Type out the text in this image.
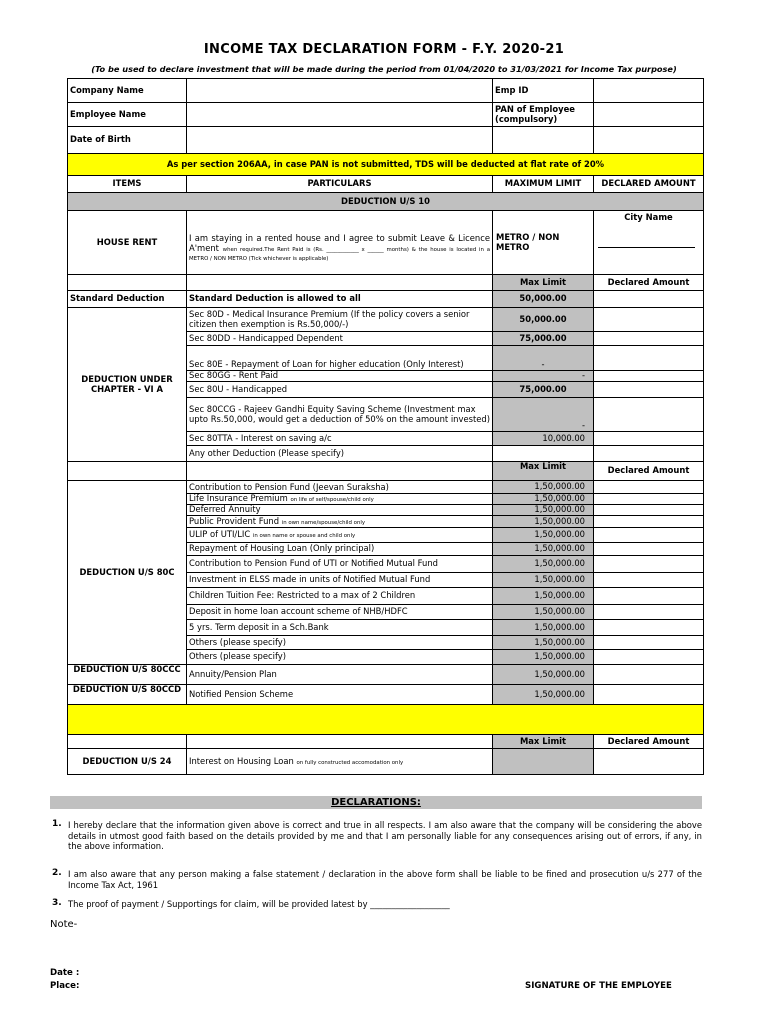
INCOME TAX DECLARATION FORM - F.Y. 2020-21
(To be used to declare investment that will be made during the period from 01/04/2020 to 31/03/2021 for Income Tax purpose)
Company Name		Emp ID	
Employee Name		PAN of Employee (compulsory)	
Date of Birth			
As per section 206AA, in case PAN is not submitted, TDS will be deducted at flat rate of 20%			
ITEMS	PARTICULARS	MAXIMUM LIMIT	DECLARED AMOUNT
DEDUCTION U/S 10			
HOUSE RENT	I am staying in a rented house and I agree to submit Leave & Licence A'ment when required.The Rent Paid is (Rs. ____________ x ______ months) & the house is located in a METRO / NON METRO (Tick whichever is applicable)	METRO / NON METRO	City Name

		Max Limit	Declared Amount
Standard Deduction	Standard Deduction is allowed to all	50,000.00	
DEDUCTION UNDER CHAPTER - VI A	Sec 80D - Medical Insurance Premium (If the policy covers a senior citizen then exemption is Rs.50,000/-)	50,000.00	
	Sec 80DD - Handicapped Dependent	75,000.00	
	Sec 80E - Repayment of Loan for higher education (Only Interest)	-	
	Sec 80GG - Rent Paid	-	
	Sec 80U - Handicapped	75,000.00	
	Sec 80CCG - Rajeev Gandhi Equity Saving Scheme (Investment max upto Rs.50,000, would get a deduction of 50% on the amount invested)	-	
	Sec 80TTA - Interest on saving a/c	10,000.00	
	Any other Deduction (Please specify)		
		Max Limit	Declared Amount
DEDUCTION U/S 80C	Contribution to Pension Fund (Jeevan Suraksha)	1,50,000.00	
	Life Insurance Premium on life of self/spouse/child only	1,50,000.00	
	Deferred Annuity	1,50,000.00	
	Public Provident Fund in own name/spouse/child only	1,50,000.00	
	ULIP of UTI/LIC in own name or spouse and child only	1,50,000.00	
	Repayment of Housing Loan (Only principal)	1,50,000.00	
	Contribution to Pension Fund of UTI or Notified Mutual Fund	1,50,000.00	
	Investment in ELSS made in units of Notified Mutual Fund	1,50,000.00	
	Children Tuition Fee: Restricted to a max of 2 Children	1,50,000.00	
	Deposit in home loan account scheme of NHB/HDFC	1,50,000.00	
	5 yrs. Term deposit in a Sch.Bank	1,50,000.00	
	Others (please specify)	1,50,000.00	
	Others (please specify)	1,50,000.00	
DEDUCTION U/S 80CCC	Annuity/Pension Plan	1,50,000.00	
DEDUCTION U/S 80CCD	Notified Pension Scheme	1,50,000.00	

		Max Limit	Declared Amount
DEDUCTION U/S 24	Interest on Housing Loan on fully constructed accomodation only		
DECLARATIONS:
1. I hereby declare that the information given above is correct and true in all respects. I am also aware that the company will be considering the above details in utmost good faith based on the details provided by me and that I am personally liable for any consequences arising out of errors, if any, in the above information.
2. I am also aware that any person making a false statement / declaration in the above form shall be liable to be fined and prosecution u/s 277 of the Income Tax Act, 1961
3. The proof of payment / Supportings for claim, will be provided latest by ___________________
Note-
Date :
Place:	SIGNATURE OF THE EMPLOYEE
